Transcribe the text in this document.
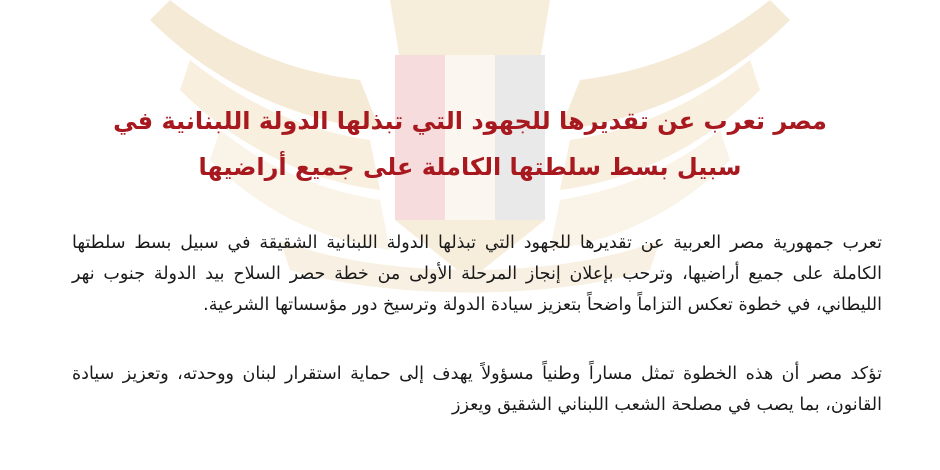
مصر تعرب عن تقديرها للجهود التي تبذلها الدولة اللبنانية في
سبيل بسط سلطتها الكاملة على جميع أراضيها

تعرب جمهورية مصر العربية عن تقديرها للجهود التي تبذلها الدولة اللبنانية الشقيقة في سبيل بسط سلطتها الكاملة على جميع أراضيها، وترحب بإعلان إنجاز المرحلة الأولى من خطة حصر السلاح بيد الدولة جنوب نهر الليطاني، في خطوة تعكس التزاماً واضحاً بتعزيز سيادة الدولة وترسيخ دور مؤسساتها الشرعية.

تؤكد مصر أن هذه الخطوة تمثل مساراً وطنياً مسؤولاً يهدف إلى حماية استقرار لبنان ووحدته، وتعزيز سيادة القانون، بما يصب في مصلحة الشعب اللبناني الشقيق ويعزز
